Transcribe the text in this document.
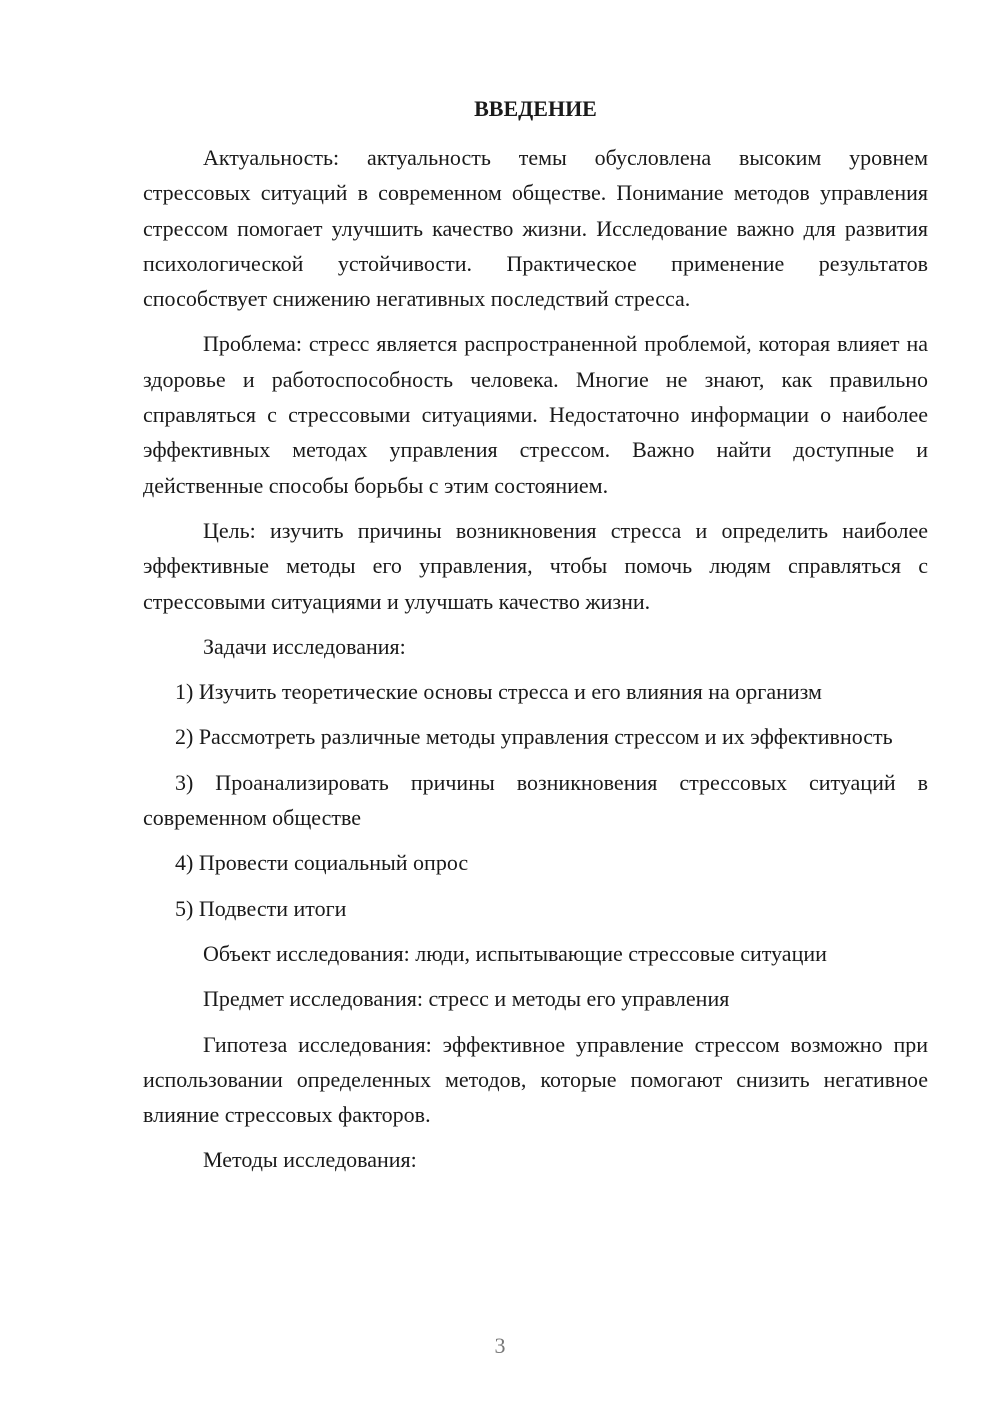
ВВЕДЕНИЕ

Актуальность: актуальность темы обусловлена высоким уровнем стрессовых ситуаций в современном обществе. Понимание методов управления стрессом помогает улучшить качество жизни. Исследование важно для развития психологической устойчивости. Практическое применение результатов способствует снижению негативных последствий стресса.

Проблема: стресс является распространенной проблемой, которая влияет на здоровье и работоспособность человека. Многие не знают, как правильно справляться с стрессовыми ситуациями. Недостаточно информации о наиболее эффективных методах управления стрессом. Важно найти доступные и действенные способы борьбы с этим состоянием.

Цель: изучить причины возникновения стресса и определить наиболее эффективные методы его управления, чтобы помочь людям справляться с стрессовыми ситуациями и улучшать качество жизни.

Задачи исследования:

1) Изучить теоретические основы стресса и его влияния на организм

2) Рассмотреть различные методы управления стрессом и их эффективность

3) Проанализировать причины возникновения стрессовых ситуаций в современном обществе

4) Провести социальный опрос

5) Подвести итоги

Объект исследования: люди, испытывающие стрессовые ситуации

Предмет исследования: стресс и методы его управления

Гипотеза исследования: эффективное управление стрессом возможно при использовании определенных методов, которые помогают снизить негативное влияние стрессовых факторов.

Методы исследования:

3
